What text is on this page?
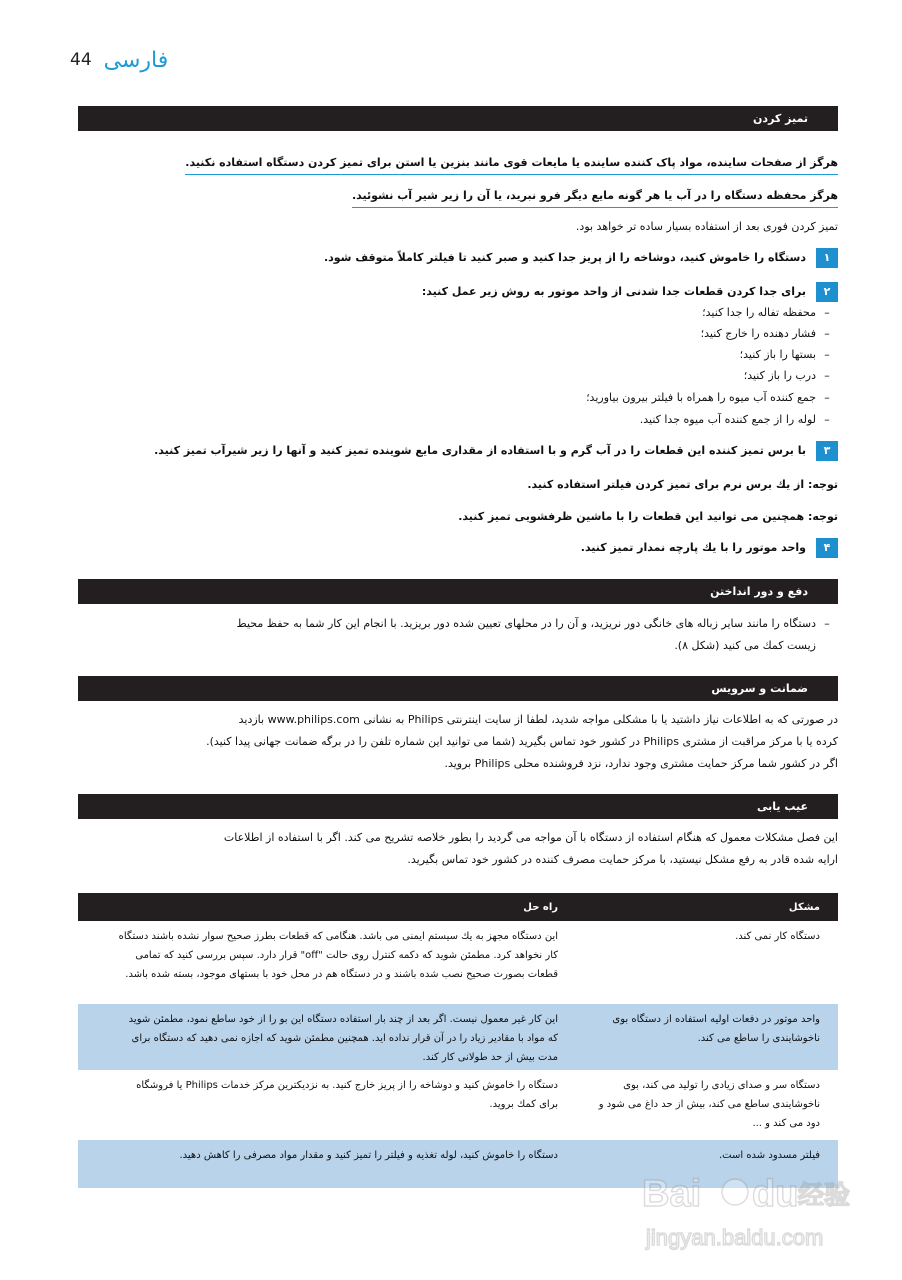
44 فارسی
تمیز کردن
هرگز از صفحات ساینده، مواد پاک کننده ساینده یا مایعات قوی مانند بنزین یا استن برای تمیز کردن دستگاه استفاده نکنید.
هرگز محفظه دستگاه را در آب یا هر گونه مایع دیگر فرو نبرید، یا آن را زیر شیر آب نشوئید.
تمیز کردن فوری بعد از استفاده بسیار ساده تر خواهد بود.
۱
دستگاه را خاموش کنید، دوشاخه را از پریز جدا کنید و صبر کنید تا فیلتر کاملاً متوقف شود.
۲
برای جدا کردن قطعات جدا شدنی از واحد موتور به روش زیر عمل کنید:
–محفظه تفاله را جدا کنید؛
–فشار دهنده را خارج کنید؛
–بستها را باز کنید؛
–درب را باز کنید؛
–جمع کننده آب میوه را همراه با فیلتر بیرون بیاورید؛
–لوله را از جمع کننده آب میوه جدا کنید.
۳
با برس تمیز کننده این قطعات را در آب گرم و با استفاده از مقداری مایع شوینده تمیز کنید و آنها را زیر شیرآب تمیز کنید.
توجه: از یك برس نرم برای تمیز كردن فیلتر استفاده كنید.
توجه: همچنین می توانید این قطعات را با ماشین ظرفشویی تمیز کنید.
۴
واحد موتور را با یك پارچه نمدار تمیز كنید.
دفع و دور انداختن
–دستگاه را مانند سایر زباله های خانگی دور نریزید، و آن را در محلهای تعیین شده دور بریزید. با انجام این کار شما به حفظ محیط
زیست کمك می کنید (شکل ۸).
ضمانت و سرویس
در صورتی که به اطلاعات نیاز داشتید یا با مشکلی مواجه شدید، لطفا از سایت اینترنتی Philips به نشانی www.philips.com بازدید
کرده یا با مرکز مراقبت از مشتری Philips در کشور خود تماس بگیرید (شما می توانید این شماره تلفن را در برگه ضمانت جهانی پیدا کنید).
اگر در کشور شما مرکز حمایت مشتری وجود ندارد، نزد فروشنده محلی Philips بروید.
عیب یابی
این فصل مشکلات معمول که هنگام استفاده از دستگاه با آن مواجه می گردید را بطور خلاصه تشریح می کند. اگر با استفاده از اطلاعات
ارایه شده قادر به رفع مشکل نیستید، با مرکز حمایت مصرف کننده در کشور خود تماس بگیرید.
مشکل
راه حل
دستگاه کار نمی کند.
این دستگاه مجهز به یك سیستم ایمنی می باشد. هنگامی که قطعات بطرز صحیح سوار نشده باشند دستگاه کار نخواهد کرد. مطمئن شوید که دکمه کنترل روی حالت "off" قرار دارد. سپس بررسی کنید که تمامی قطعات بصورت صحیح نصب شده باشند و در دستگاه هم در محل خود با بستهای موجود، بسته شده باشد.
واحد موتور در دفعات اولیه استفاده از دستگاه بوی ناخوشایندی را ساطع می کند.
این کار غیر معمول نیست. اگر بعد از چند بار استفاده دستگاه این بو را از خود ساطع نمود، مطمئن شوید که مواد با مقادیر زیاد را در آن قرار نداده اید. همچنین مطمئن شوید که اجازه نمی دهید که دستگاه برای مدت بیش از حد طولانی کار کند.
دستگاه سر و صدای زیادی را تولید می کند، بوی ناخوشایندی ساطع می کند، بیش از حد داغ می شود و دود می کند و ...
دستگاه را خاموش کنید و دوشاخه را از پریز خارج کنید. به نزدیکترین مرکز خدمات Philips یا فروشگاه برای کمك برويد.
فیلتر مسدود شده است.
دستگاه را خاموش کنید، لوله تغذیه و فیلتر را تمیز کنید و مقدار مواد مصرفی را کاهش دهید.
Bai du 经验
jingyan.baidu.com
